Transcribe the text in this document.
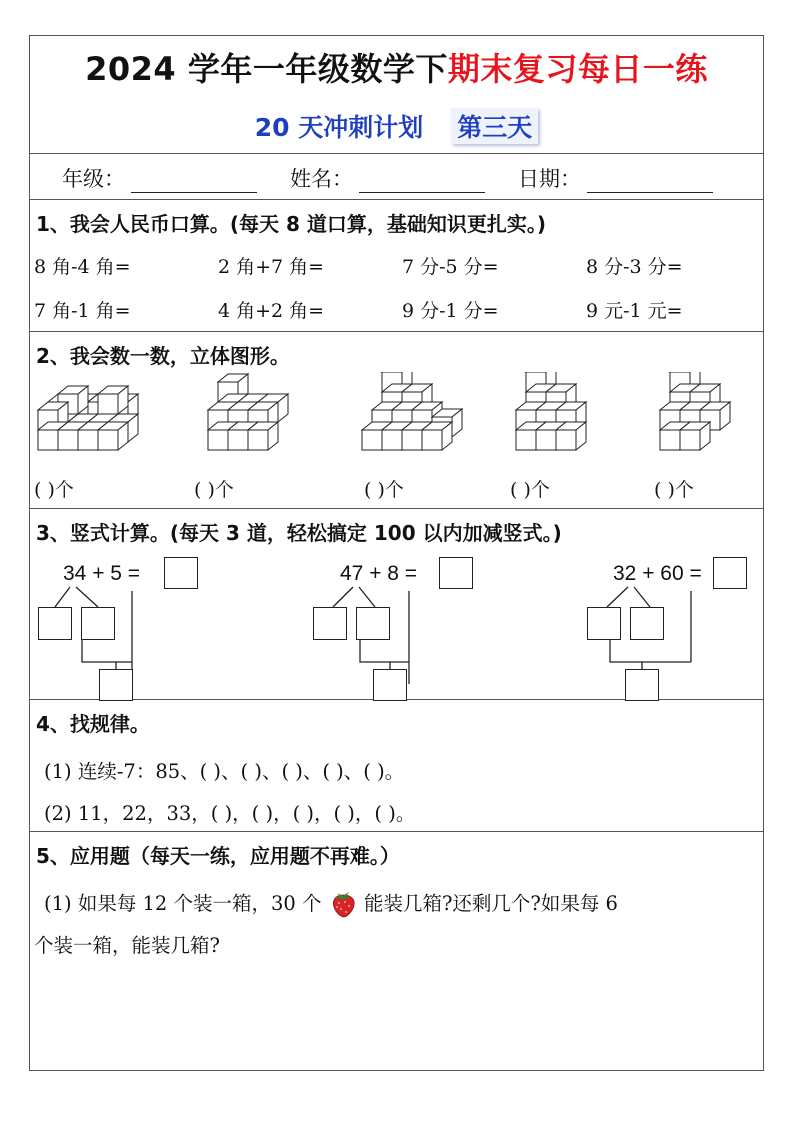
2024 学年一年级数学下期末复习每日一练
20 天冲刺计划 第三天
年级：	姓名：	日期：
1、我会人民币口算。(每天 8 道口算，基础知识更扎实。)
8 角-4 角=	2 角+7 角=	7 分-5 分=	8 分-3 分=
7 角-1 角=	4 角+2 角=	9 分-1 分=	9 元-1 元=
2、我会数一数，立体图形。
( )个	( )个	( )个	( )个	( )个
3、竖式计算。(每天 3 道，轻松搞定 100 以内加减竖式。)
34 + 5 =	47 + 8 =	32 + 60 =
4、找规律。
(1) 连续-7：85、( )、( )、( )、( )、( )。
(2) 11，22，33，( )，( )，( )，( )，( )。
5、应用题（每天一练，应用题不再难。）
(1) 如果每 12 个装一箱，30 个 能装几箱?还剩几个?如果每 6
个装一箱，能装几箱?
